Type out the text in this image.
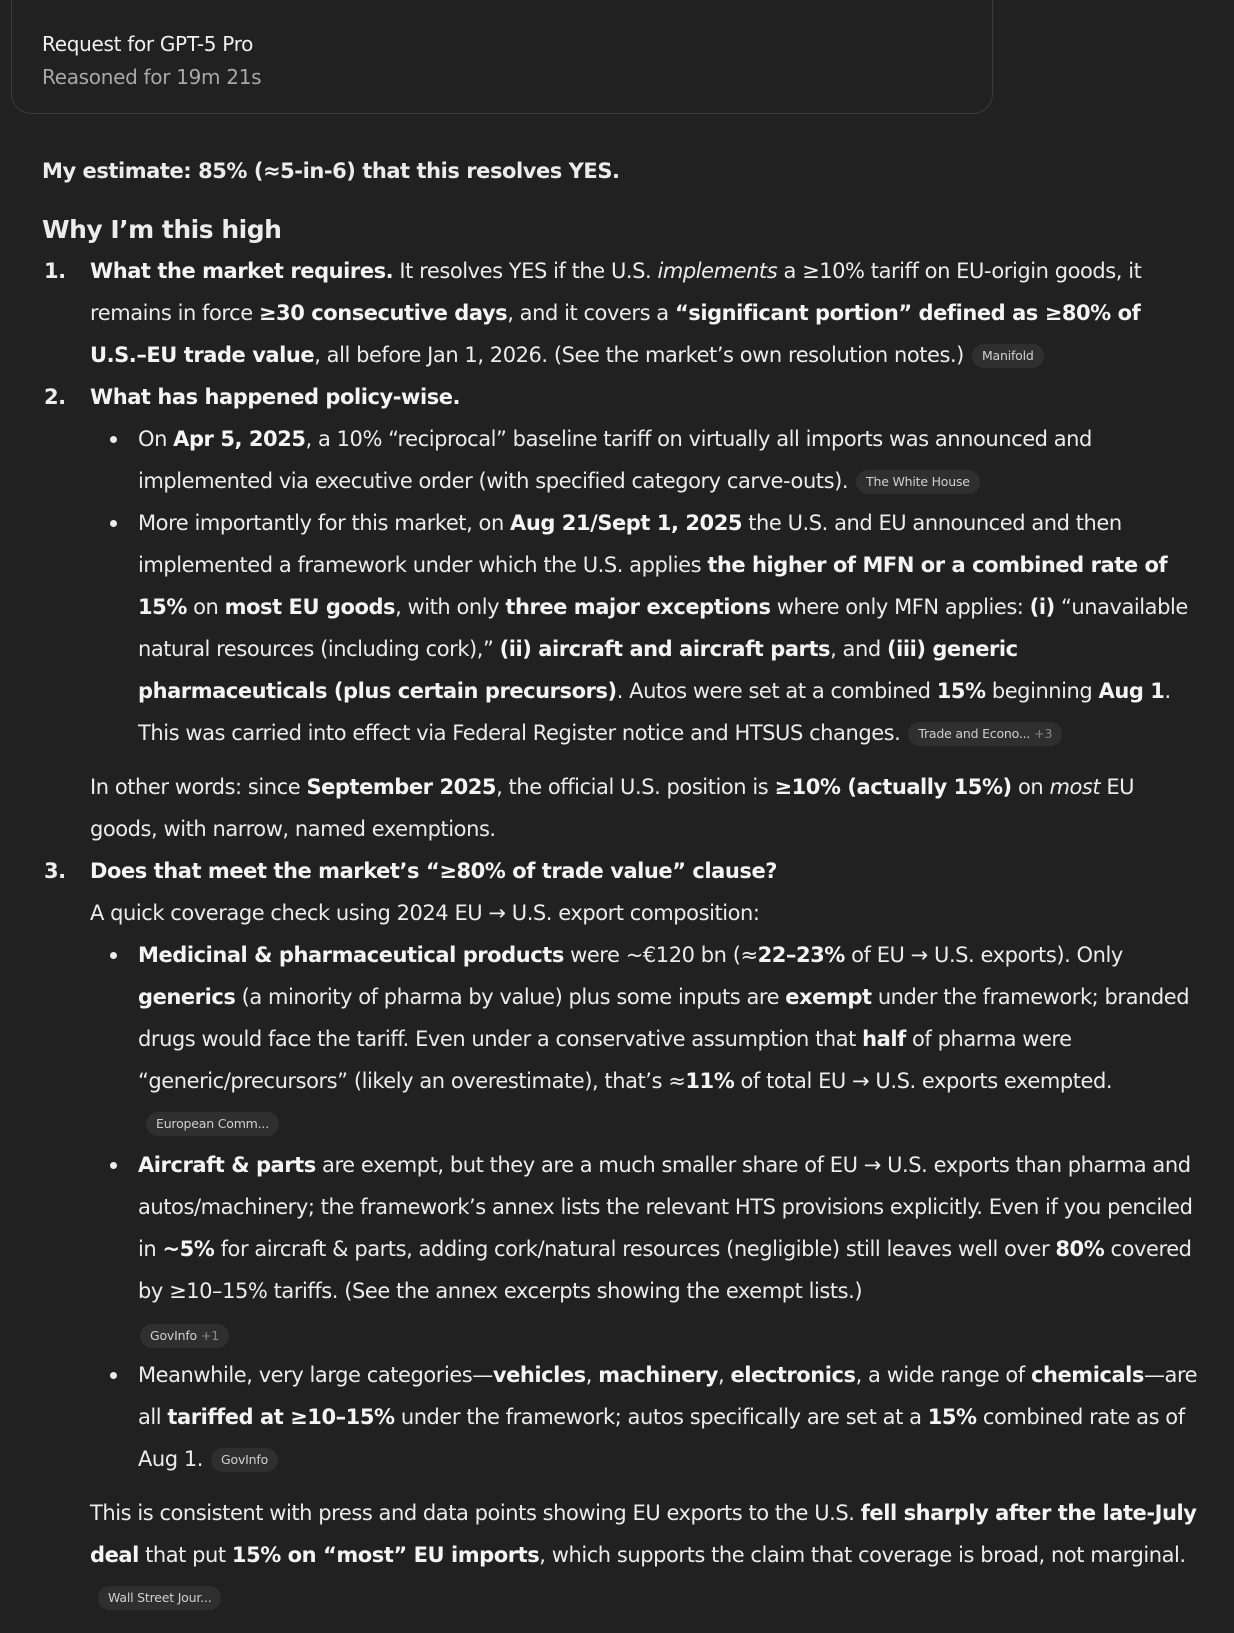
Request for GPT-5 Pro
Reasoned for 19m 21s

My estimate: 85% (≈5-in-6) that this resolves YES.

Why I’m this high
What the market requires. It resolves YES if the U.S. implements a ≥10% tariff on EU-origin goods, it remains in force ≥30 consecutive days, and it covers a “significant portion” defined as ≥80% of U.S.–EU trade value, all before Jan 1, 2026. (See the market’s own resolution notes.) Manifold
What has happened policy-wise.
On Apr 5, 2025, a 10% “reciprocal” baseline tariff on virtually all imports was announced and implemented via executive order (with specified category carve-outs). The White House
More importantly for this market, on Aug 21/Sept 1, 2025 the U.S. and EU announced and then implemented a framework under which the U.S. applies the higher of MFN or a combined rate of 15% on most EU goods, with only three major exceptions where only MFN applies: (i) “unavailable natural resources (including cork),” (ii) aircraft and aircraft parts, and (iii) generic pharmaceuticals (plus certain precursors). Autos were set at a combined 15% beginning Aug 1. This was carried into effect via Federal Register notice and HTSUS changes. Trade and Econo... +3

In other words: since September 2025, the official U.S. position is ≥10% (actually 15%) on most EU goods, with narrow, named exemptions.

Does that meet the market’s “≥80% of trade value” clause?

A quick coverage check using 2024 EU → U.S. export composition:

Medicinal & pharmaceutical products were ~€120 bn (≈22–23% of EU → U.S. exports). Only generics (a minority of pharma by value) plus some inputs are exempt under the framework; branded drugs would face the tariff. Even under a conservative assumption that half of pharma were “generic/precursors” (likely an overestimate), that’s ≈11% of total EU → U.S. exports exempted.European Comm...
Aircraft & parts are exempt, but they are a much smaller share of EU → U.S. exports than pharma and autos/machinery; the framework’s annex lists the relevant HTS provisions explicitly. Even if you penciled in ~5% for aircraft & parts, adding cork/natural resources (negligible) still leaves well over 80% covered by ≥10–15% tariffs. (See the annex excerpts showing the exempt lists.)
GovInfo +1
Meanwhile, very large categories—vehicles, machinery, electronics, a wide range of chemicals—are all tariffed at ≥10–15% under the framework; autos specifically are set at a 15% combined rate as of Aug 1. GovInfo

This is consistent with press and data points showing EU exports to the U.S. fell sharply after the late-July deal that put 15% on “most” EU imports, which supports the claim that coverage is broad, not marginal.Wall Street Jour...
